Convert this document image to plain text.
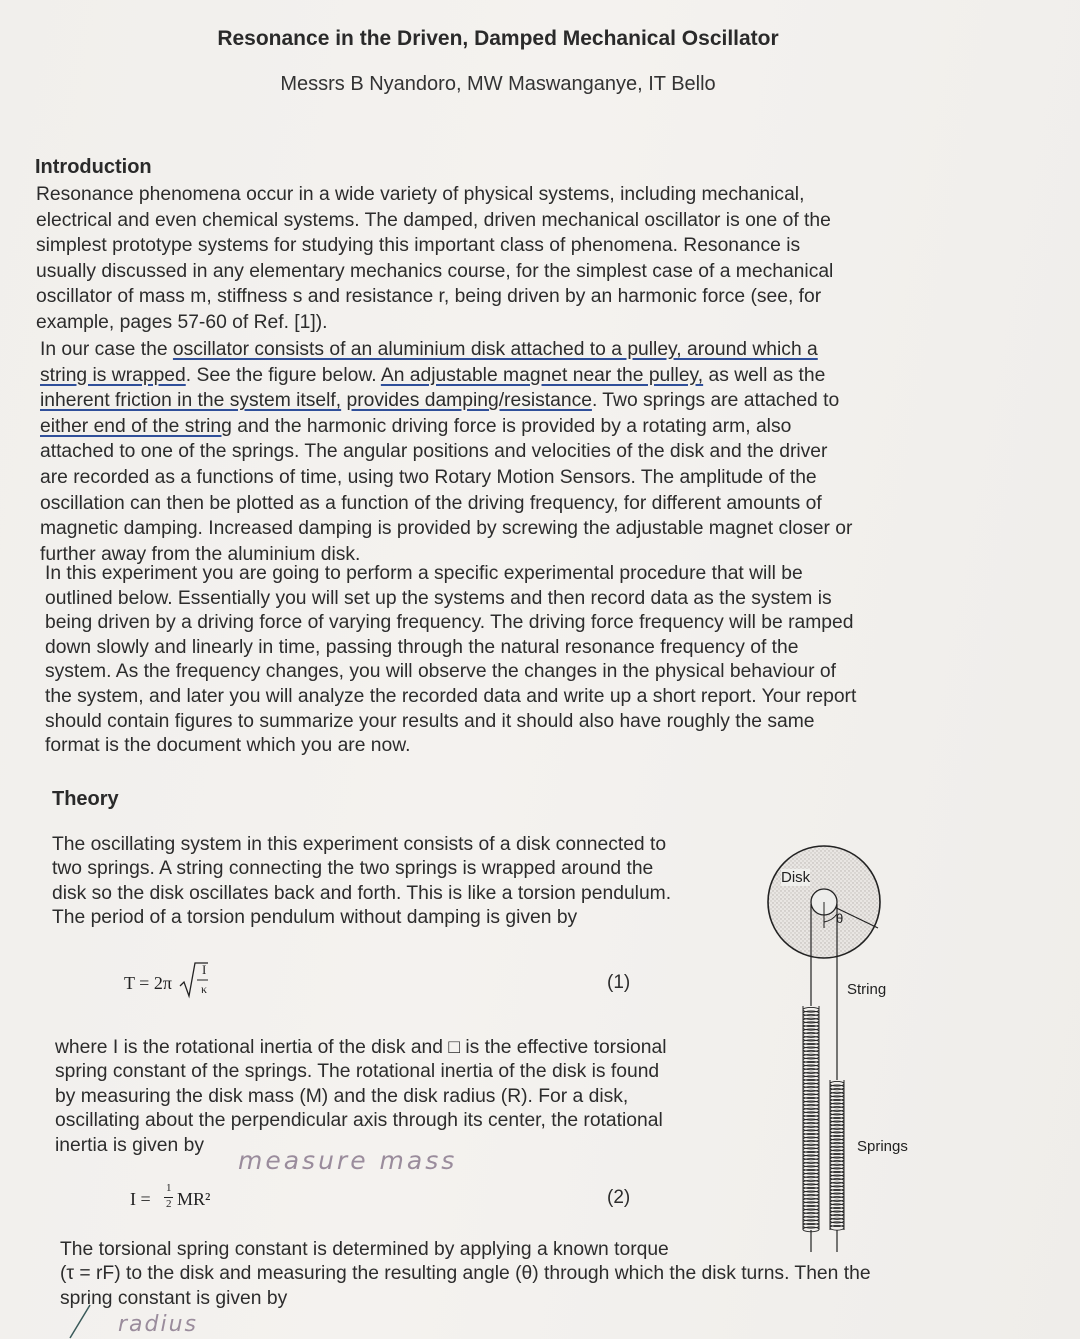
Resonance in the Driven, Damped Mechanical Oscillator
Messrs B Nyandoro, MW Maswanganye, IT Bello
Introduction
Resonance phenomena occur in a wide variety of physical systems, including mechanical,
electrical and even chemical systems. The damped, driven mechanical oscillator is one of the
simplest prototype systems for studying this important class of phenomena. Resonance is
usually discussed in any elementary mechanics course, for the simplest case of a mechanical
oscillator of mass m, stiffness s and resistance r, being driven by an harmonic force (see, for
example, pages 57-60 of Ref. [1]).
In our case the oscillator consists of an aluminium disk attached to a pulley, around which a
string is wrapped. See the figure below. An adjustable magnet near the pulley, as well as the
inherent friction in the system itself, provides damping/resistance. Two springs are attached to
either end of the string and the harmonic driving force is provided by a rotating arm, also
attached to one of the springs. The angular positions and velocities of the disk and the driver
are recorded as a functions of time, using two Rotary Motion Sensors. The amplitude of the
oscillation can then be plotted as a function of the driving frequency, for different amounts of
magnetic damping. Increased damping is provided by screwing the adjustable magnet closer or
further away from the aluminium disk.
In this experiment you are going to perform a specific experimental procedure that will be
outlined below. Essentially you will set up the systems and then record data as the system is
being driven by a driving force of varying frequency. The driving force frequency will be ramped
down slowly and linearly in time, passing through the natural resonance frequency of the
system. As the frequency changes, you will observe the changes in the physical behaviour of
the system, and later you will analyze the recorded data and write up a short report. Your report
should contain figures to summarize your results and it should also have roughly the same
format is the document which you are now.
Theory
The oscillating system in this experiment consists of a disk connected to
two springs. A string connecting the two springs is wrapped around the
disk so the disk oscillates back and forth. This is like a torsion pendulum.
The period of a torsion pendulum without damping is given by
T = 2π
I
κ	(1)
where I is the rotational inertia of the disk and □ is the effective torsional
spring constant of the springs. The rotational inertia of the disk is found
by measuring the disk mass (M) and the disk radius (R). For a disk,
oscillating about the perpendicular axis through its center, the rotational
inertia is given by
measure mass
I =
1
2 MR²	(2)
The torsional spring constant is determined by applying a known torque
(τ = rF) to the disk and measuring the resulting angle (θ) through which the disk turns. Then the
spring constant is given by
radius
Disk
θ
String
Springs
